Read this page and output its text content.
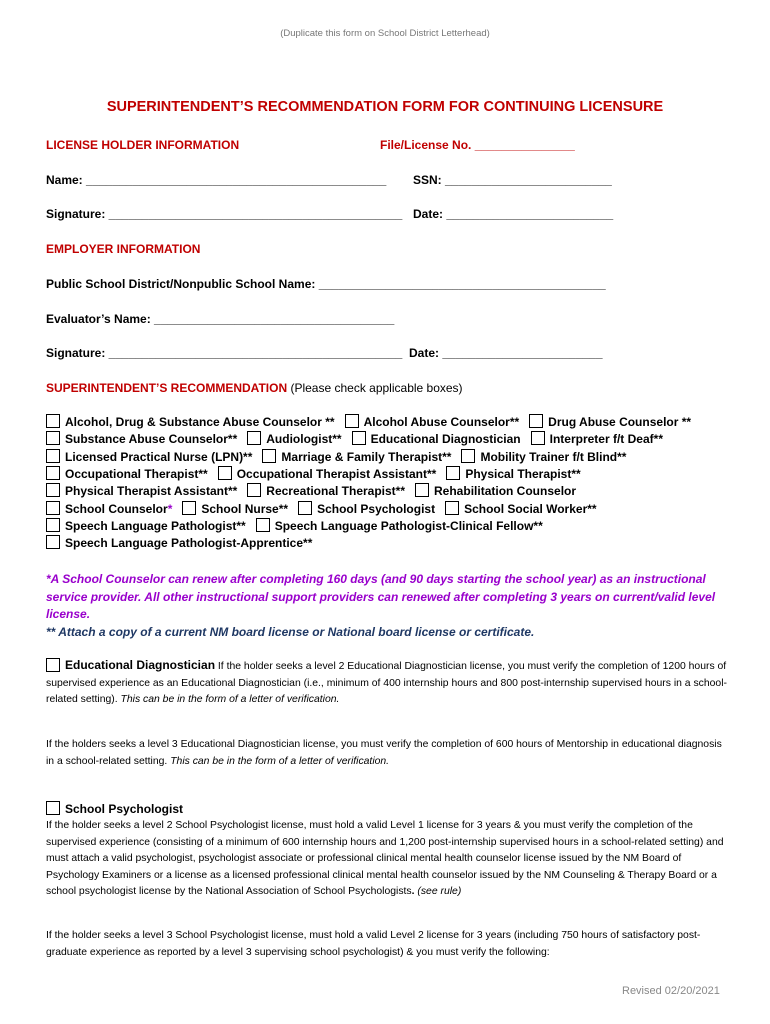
(Duplicate this form on School District Letterhead)
SUPERINTENDENT’S RECOMMENDATION FORM FOR CONTINUING LICENSURE
LICENSE HOLDER INFORMATION	File/License No. _______________
Name: _____________________________________________ SSN: _________________________
Signature: ____________________________________________ Date: _________________________
EMPLOYER INFORMATION
Public School District/Nonpublic School Name: ___________________________________________
Evaluator’s Name: ____________________________________
Signature: ____________________________________________ Date: ________________________
SUPERINTENDENT’S RECOMMENDATION (Please check applicable boxes)
Alcohol, Drug & Substance Abuse Counselor ** Alcohol Abuse Counselor** Drug Abuse Counselor **
Substance Abuse Counselor** Audiologist** Educational Diagnostician Interpreter f/t Deaf**
Licensed Practical Nurse (LPN)** Marriage & Family Therapist** Mobility Trainer f/t Blind**
Occupational Therapist** Occupational Therapist Assistant** Physical Therapist**
Physical Therapist Assistant** Recreational Therapist** Rehabilitation Counselor
School Counselor* School Nurse** School Psychologist School Social Worker**
Speech Language Pathologist** Speech Language Pathologist-Clinical Fellow**
Speech Language Pathologist-Apprentice**
*A School Counselor can renew after completing 160 days (and 90 days starting the school year) as an instructional service provider. All other instructional support providers can renewed after completing 3 years on current/valid level license.
** Attach a copy of a current NM board license or National board license or certificate.
Educational Diagnostician If the holder seeks a level 2 Educational Diagnostician license, you must verify the completion of 1200 hours of supervised experience as an Educational Diagnostician (i.e., minimum of 400 internship hours and 800 post-internship supervised hours in a school-related setting). This can be in the form of a letter of verification.
If the holders seeks a level 3 Educational Diagnostician license, you must verify the completion of 600 hours of Mentorship in educational diagnosis in a school-related setting. This can be in the form of a letter of verification.
School Psychologist
If the holder seeks a level 2 School Psychologist license, must hold a valid Level 1 license for 3 years & you must verify the completion of the supervised experience (consisting of a minimum of 600 internship hours and 1,200 post-internship supervised hours in a school-related setting) and must attach a valid psychologist, psychologist associate or professional clinical mental health counselor license issued by the NM Board of Psychology Examiners or a license as a licensed professional clinical mental health counselor issued by the NM Counseling & Therapy Board or a school psychologist license by the National Association of School Psychologists. (see rule)
If the holder seeks a level 3 School Psychologist license, must hold a valid Level 2 license for 3 years (including 750 hours of satisfactory post-graduate experience as reported by a level 3 supervising school psychologist) & you must verify the following:
Revised 02/20/2021
